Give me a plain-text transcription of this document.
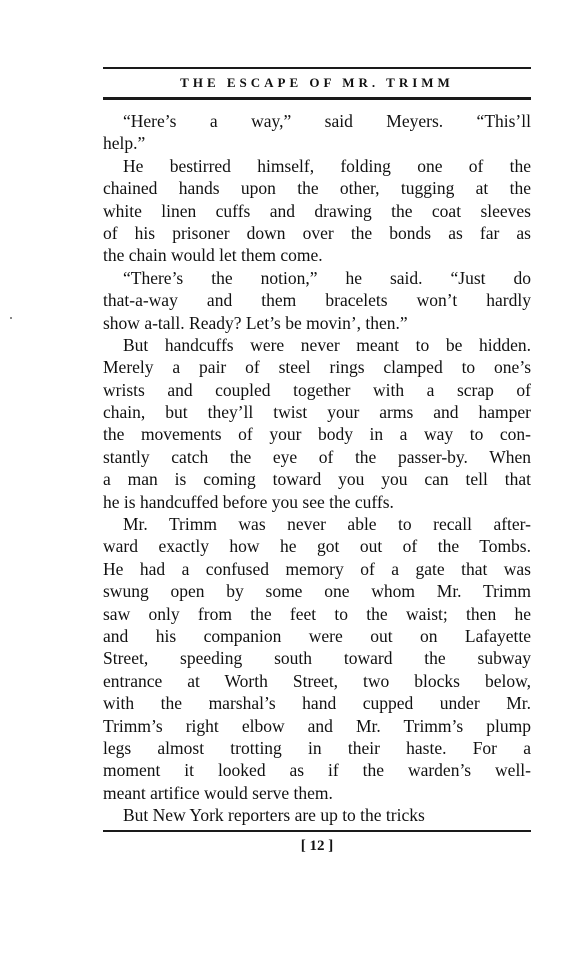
THE ESCAPE OF MR. TRIMM
“Here’s a way,” said Meyers. “This’ll
help.”
He bestirred himself, folding one of the
chained hands upon the other, tugging at the
white linen cuffs and drawing the coat sleeves
of his prisoner down over the bonds as far as
the chain would let them come.
“There’s the notion,” he said. “Just do
that-a-way and them bracelets won’t hardly
show a-tall. Ready? Let’s be movin’, then.”
But handcuffs were never meant to be hidden.
Merely a pair of steel rings clamped to one’s
wrists and coupled together with a scrap of
chain, but they’ll twist your arms and hamper
the movements of your body in a way to con-
stantly catch the eye of the passer-by. When
a man is coming toward you you can tell that
he is handcuffed before you see the cuffs.
Mr. Trimm was never able to recall after-
ward exactly how he got out of the Tombs.
He had a confused memory of a gate that was
swung open by some one whom Mr. Trimm
saw only from the feet to the waist; then he
and his companion were out on Lafayette
Street, speeding south toward the subway
entrance at Worth Street, two blocks below,
with the marshal’s hand cupped under Mr.
Trimm’s right elbow and Mr. Trimm’s plump
legs almost trotting in their haste. For a
moment it looked as if the warden’s well-
meant artifice would serve them.
But New York reporters are up to the tricks
[ 12 ]
